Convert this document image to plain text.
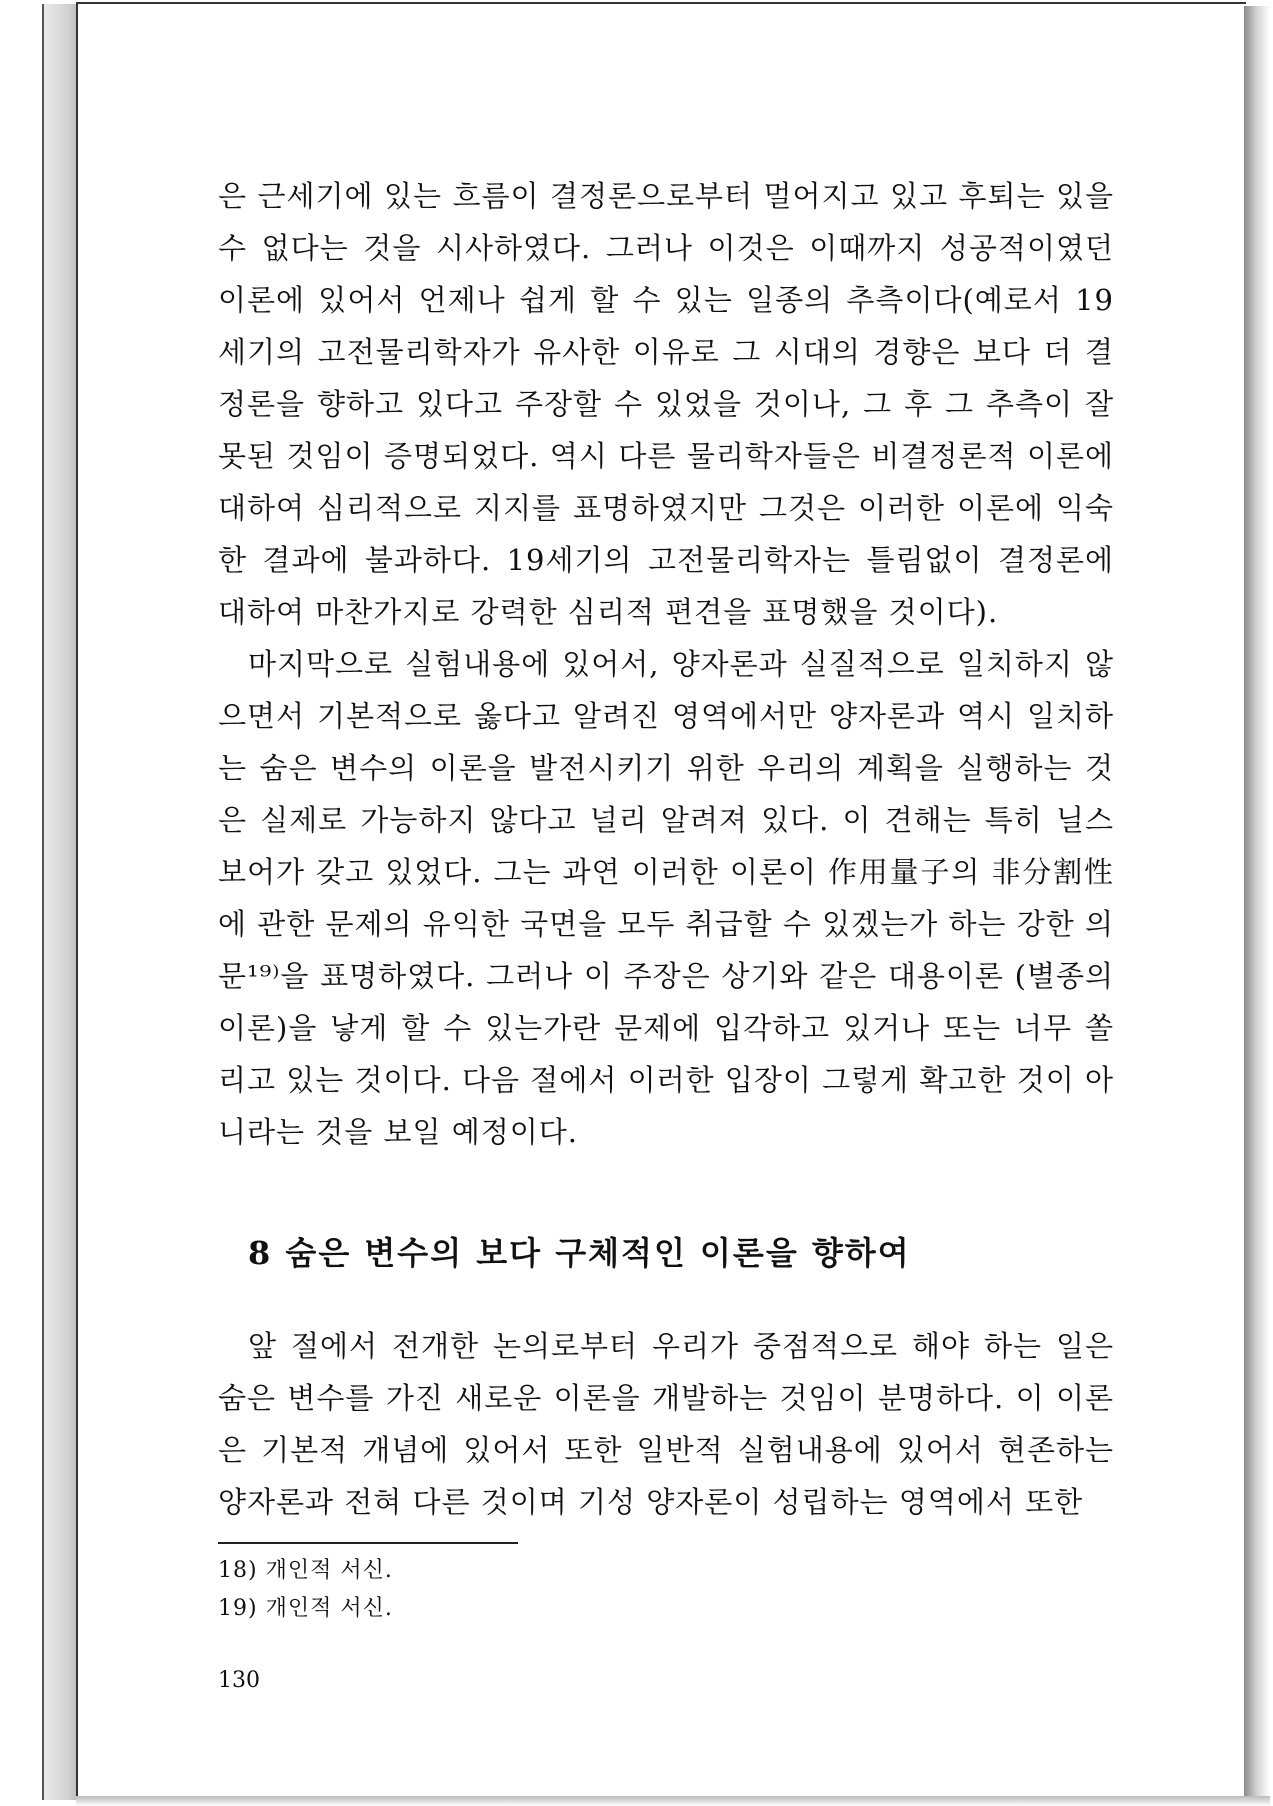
은 근세기에 있는 흐름이 결정론으로부터 멀어지고 있고 후퇴는 있을 수 없다는 것을 시사하였다. 그러나 이것은 이때까지 성공적이였던 이론에 있어서 언제나 쉽게 할 수 있는 일종의 추측이다(예로서 19세기의 고전물리학자가 유사한 이유로 그 시대의 경향은 보다 더 결정론을 향하고 있다고 주장할 수 있었을 것이나, 그 후 그 추측이 잘못된 것임이 증명되었다. 역시 다른 물리학자들은 비결정론적 이론에 대하여 심리적으로 지지를 표명하였지만 그것은 이러한 이론에 익숙한 결과에 불과하다. 19세기의 고전물리학자는 틀림없이 결정론에 대하여 마찬가지로 강력한 심리적 편견을 표명했을 것이다).

마지막으로 실험내용에 있어서, 양자론과 실질적으로 일치하지 않으면서 기본적으로 옳다고 알려진 영역에서만 양자론과 역시 일치하는 숨은 변수의 이론을 발전시키기 위한 우리의 계획을 실행하는 것은 실제로 가능하지 않다고 널리 알려져 있다. 이 견해는 특히 닐스 보어가 갖고 있었다. 그는 과연 이러한 이론이 作用量子의 非分割性에 관한 문제의 유익한 국면을 모두 취급할 수 있겠는가 하는 강한 의문¹⁹⁾을 표명하였다. 그러나 이 주장은 상기와 같은 대용이론 (별종의 이론)을 낳게 할 수 있는가란 문제에 입각하고 있거나 또는 너무 쏠리고 있는 것이다. 다음 절에서 이러한 입장이 그렇게 확고한 것이 아니라는 것을 보일 예정이다.

8 숨은 변수의 보다 구체적인 이론을 향하여

앞 절에서 전개한 논의로부터 우리가 중점적으로 해야 하는 일은 숨은 변수를 가진 새로운 이론을 개발하는 것임이 분명하다. 이 이론은 기본적 개념에 있어서 또한 일반적 실험내용에 있어서 현존하는 양자론과 전혀 다른 것이며 기성 양자론이 성립하는 영역에서 또한

18) 개인적 서신.

19) 개인적 서신.

130
